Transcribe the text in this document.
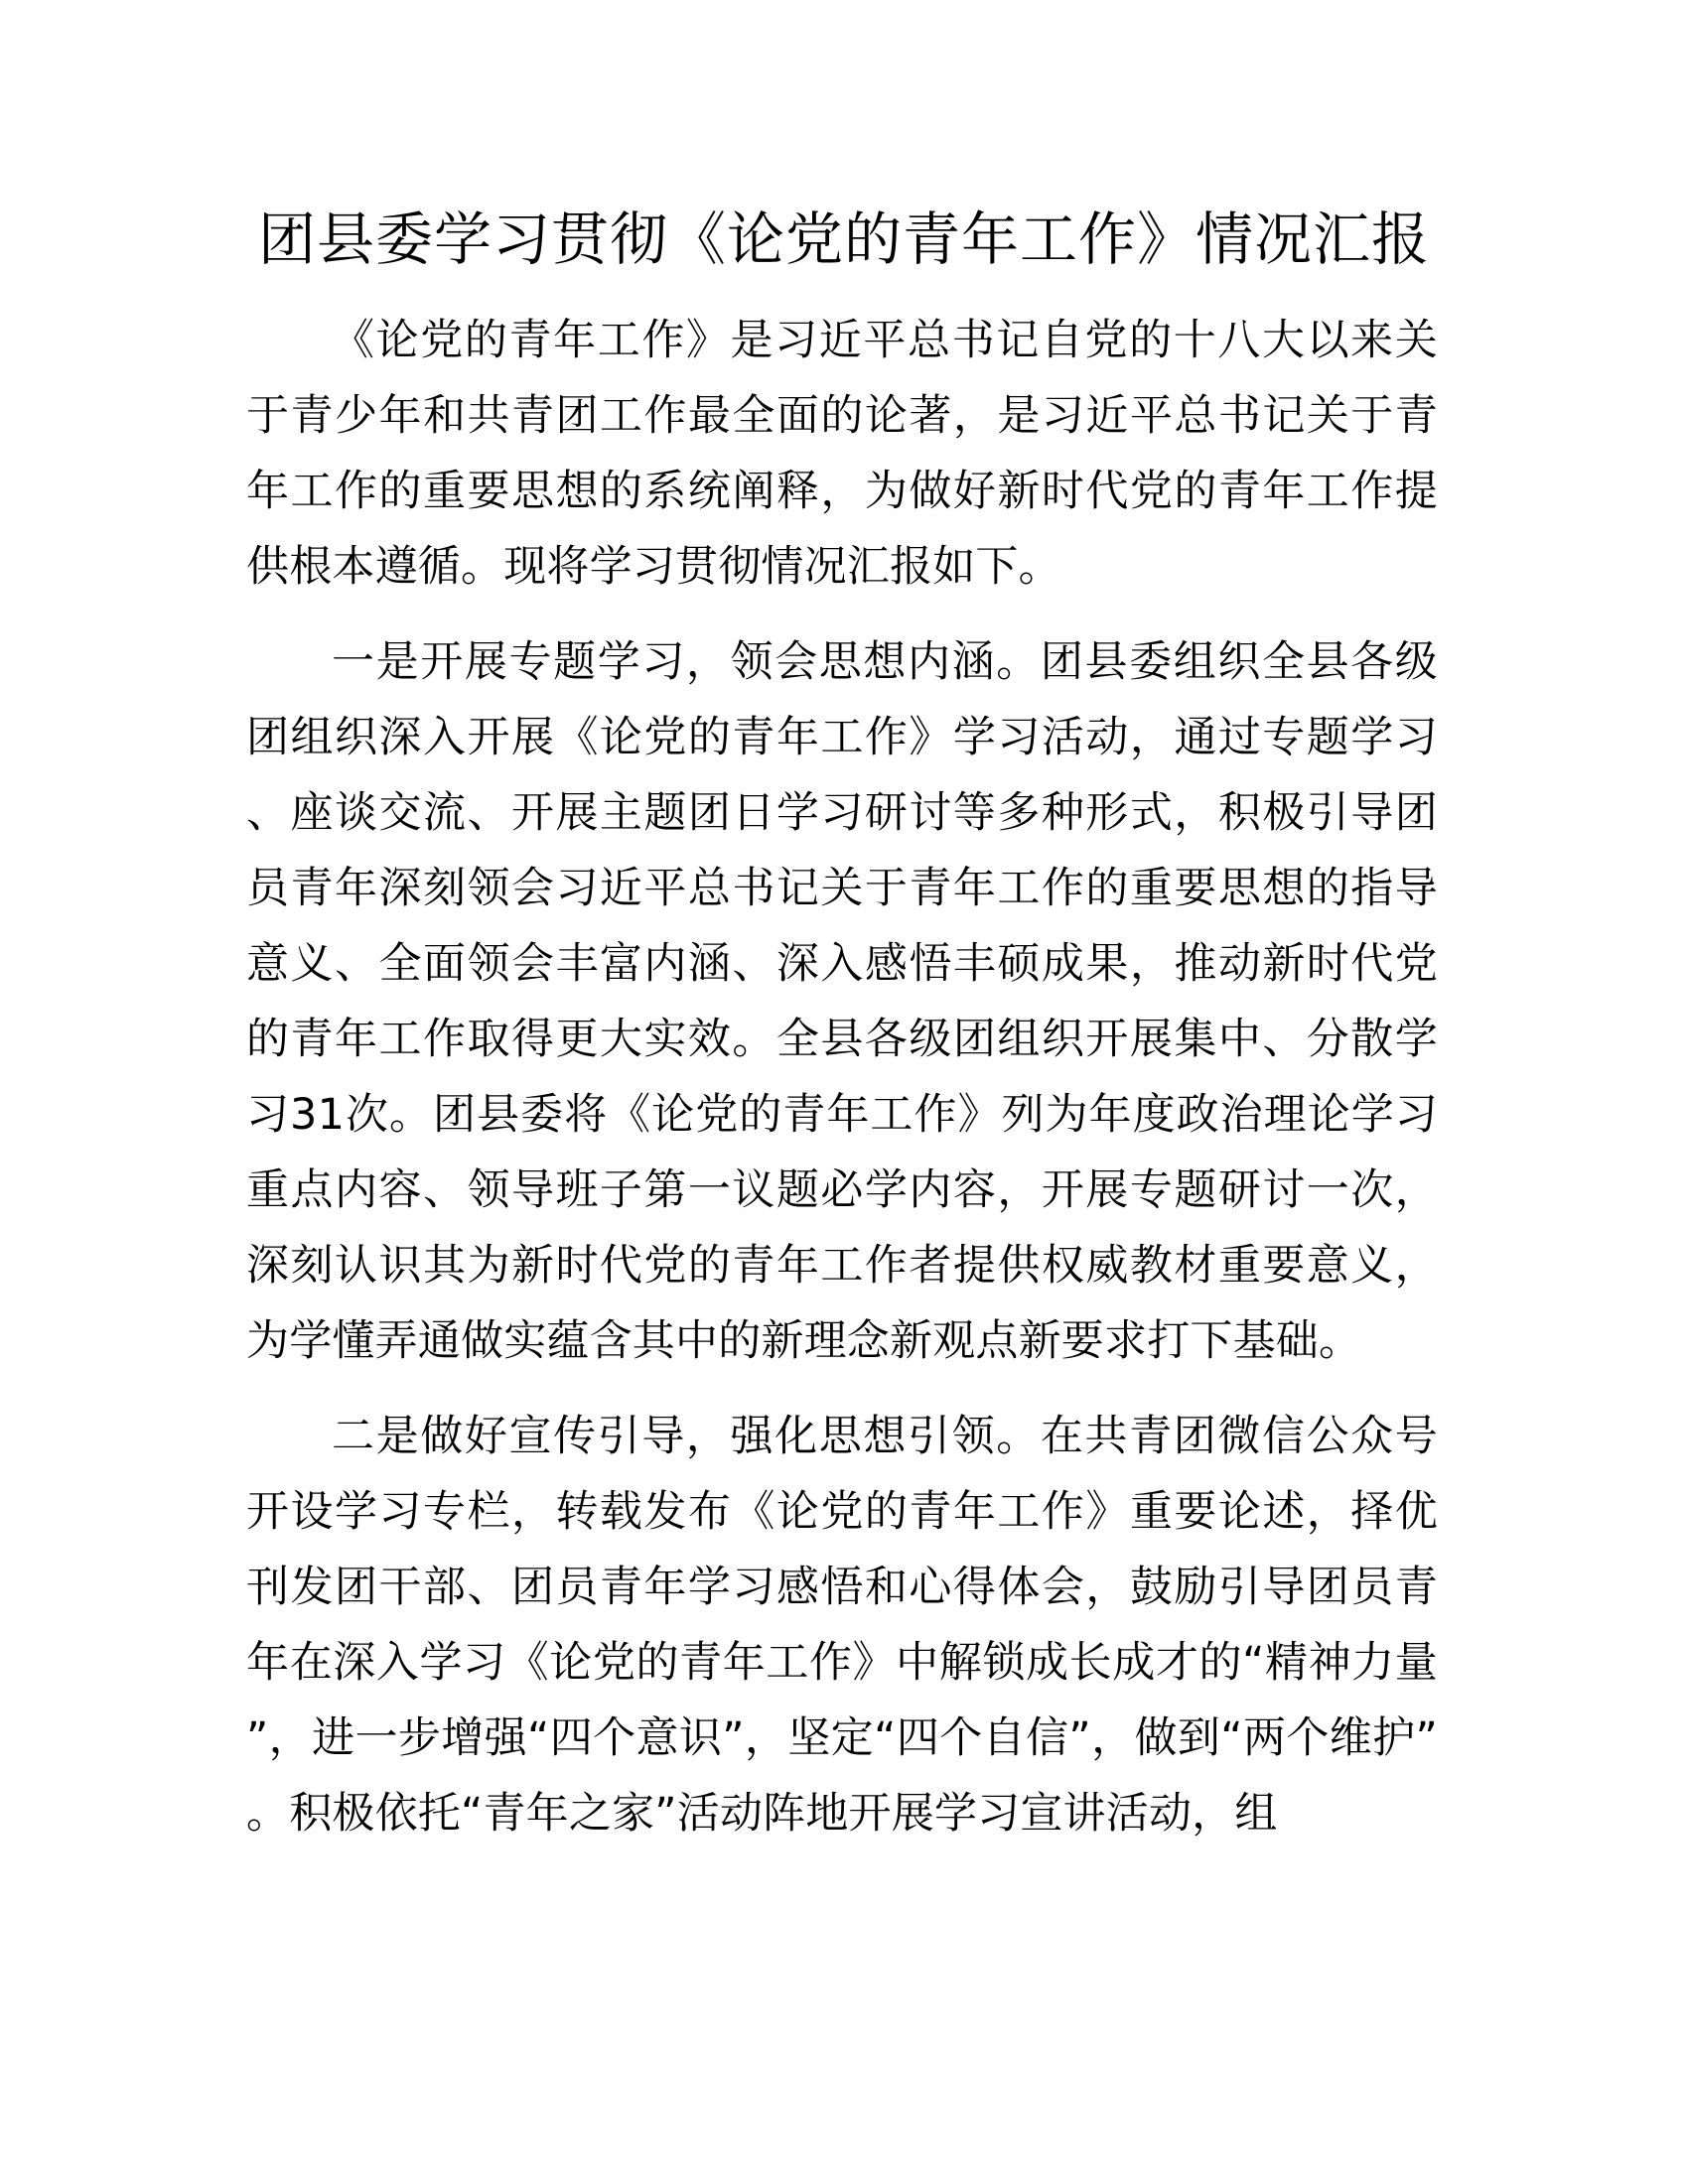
团县委学习贯彻《论党的青年工作》情况汇报

《论党的青年工作》是习近平总书记自党的十八大以来关于青少年和共青团工作最全面的论著，是习近平总书记关于青年工作的重要思想的系统阐释，为做好新时代党的青年工作提供根本遵循。现将学习贯彻情况汇报如下。

一是开展专题学习，领会思想内涵。团县委组织全县各级团组织深入开展《论党的青年工作》学习活动，通过专题学习、座谈交流、开展主题团日学习研讨等多种形式，积极引导团员青年深刻领会习近平总书记关于青年工作的重要思想的指导意义、全面领会丰富内涵、深入感悟丰硕成果，推动新时代党的青年工作取得更大实效。全县各级团组织开展集中、分散学习31次。团县委将《论党的青年工作》列为年度政治理论学习重点内容、领导班子第一议题必学内容，开展专题研讨一次，深刻认识其为新时代党的青年工作者提供权威教材重要意义，为学懂弄通做实蕴含其中的新理念新观点新要求打下基础。

二是做好宣传引导，强化思想引领。在共青团微信公众号开设学习专栏，转载发布《论党的青年工作》重要论述，择优刊发团干部、团员青年学习感悟和心得体会，鼓励引导团员青年在深入学习《论党的青年工作》中解锁成长成才的“精神力量”，进一步增强“四个意识”，坚定“四个自信”，做到“两个维护”。积极依托“青年之家”活动阵地开展学习宣讲活动，组
